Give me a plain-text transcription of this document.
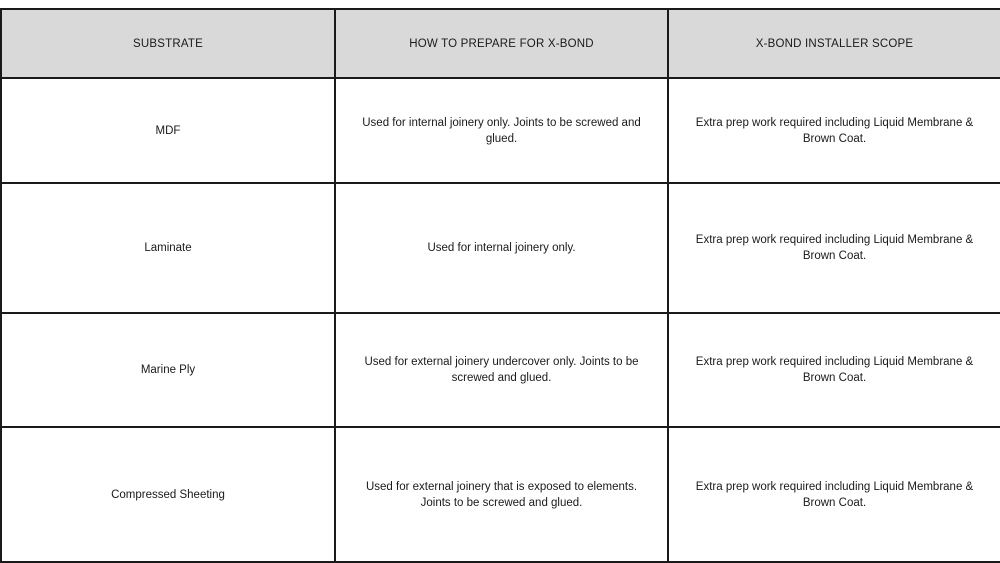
SUBSTRATE	HOW TO PREPARE FOR X-BOND	X-BOND INSTALLER SCOPE
MDF	Used for internal joinery only. Joints to be screwed and glued.	Extra prep work required including Liquid Membrane & Brown Coat.
Laminate	Used for internal joinery only.	Extra prep work required including Liquid Membrane & Brown Coat.
Marine Ply	Used for external joinery undercover only. Joints to be screwed and glued.	Extra prep work required including Liquid Membrane & Brown Coat.
Compressed Sheeting	Used for external joinery that is exposed to elements. Joints to be screwed and glued.	Extra prep work required including Liquid Membrane & Brown Coat.
